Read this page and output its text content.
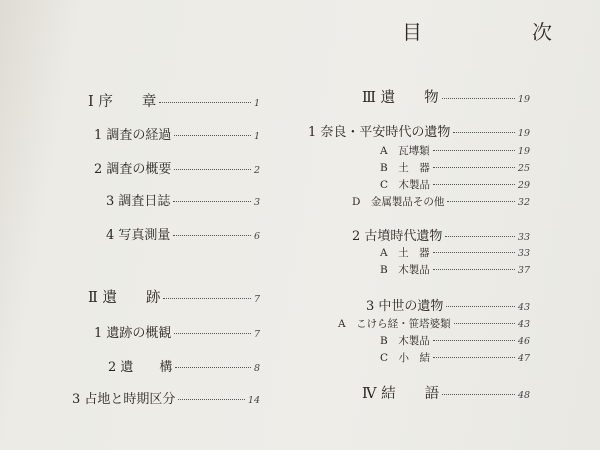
目	次
Ⅰ 序　　章	1
1 調査の経過	1
2 調査の概要	2
3 調査日誌	3
4 写真測量	6
Ⅱ 遺　　跡	7
1 遺跡の概観	7
2 遺　　構	8
3 占地と時期区分	14
Ⅲ 遺　　物	19
1 奈良・平安時代の遺物	19
A　瓦塼類	19
B　土　器	25
C　木製品	29
D　金属製品その他	32
2 古墳時代遺物	33
A　土　器	33
B　木製品	37
3 中世の遺物	43
A　こけら経・笹塔婆類	43
B　木製品	46
C　小　結	47
Ⅳ 結　　語	48
